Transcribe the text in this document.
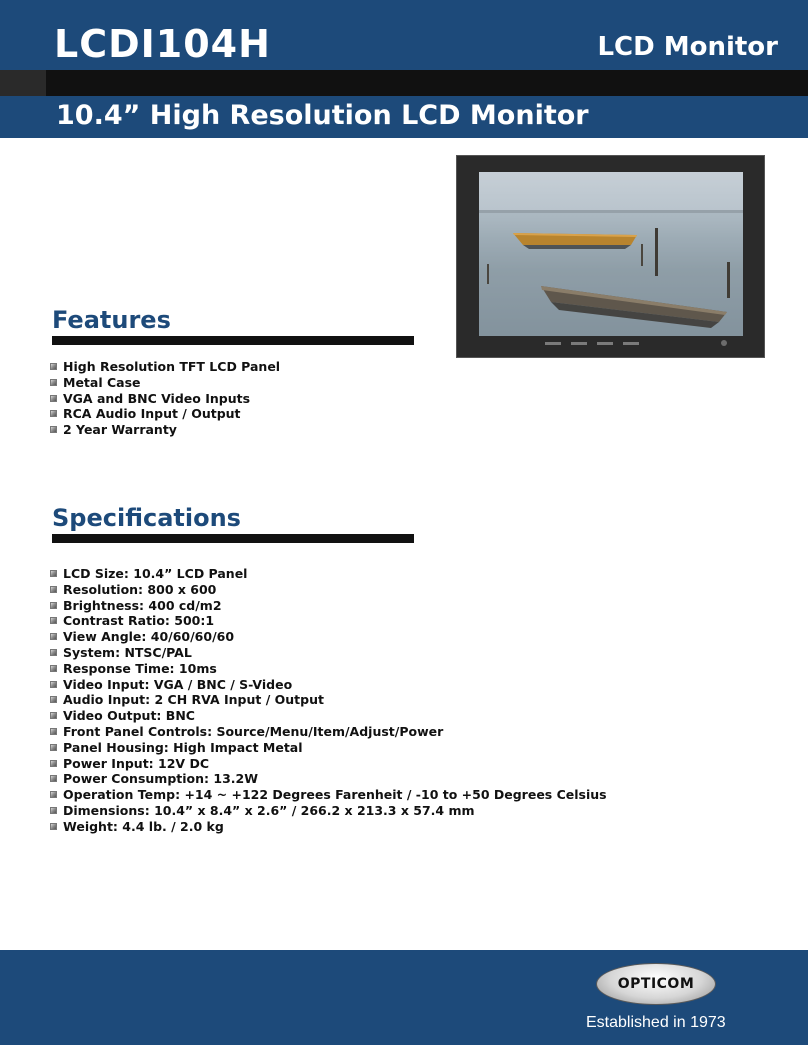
LCDI104H	LCD Monitor
10.4” High Resolution LCD Monitor
Features
High Resolution TFT LCD Panel
Metal Case
VGA and BNC Video Inputs
RCA Audio Input / Output
2 Year Warranty
Specifications
LCD Size: 10.4” LCD Panel
Resolution: 800 x 600
Brightness: 400 cd/m2
Contrast Ratio: 500:1
View Angle: 40/60/60/60
System: NTSC/PAL
Response Time: 10ms
Video Input: VGA / BNC / S-Video
Audio Input: 2 CH RVA Input / Output
Video Output: BNC
Front Panel Controls: Source/Menu/Item/Adjust/Power
Panel Housing: High Impact Metal
Power Input: 12V DC
Power Consumption: 13.2W
Operation Temp: +14 ~ +122 Degrees Farenheit / -10 to +50 Degrees Celsius
Dimensions: 10.4” x 8.4” x 2.6” / 266.2 x 213.3 x 57.4 mm
Weight: 4.4 lb. / 2.0 kg
OPTICOM
Established in 1973
